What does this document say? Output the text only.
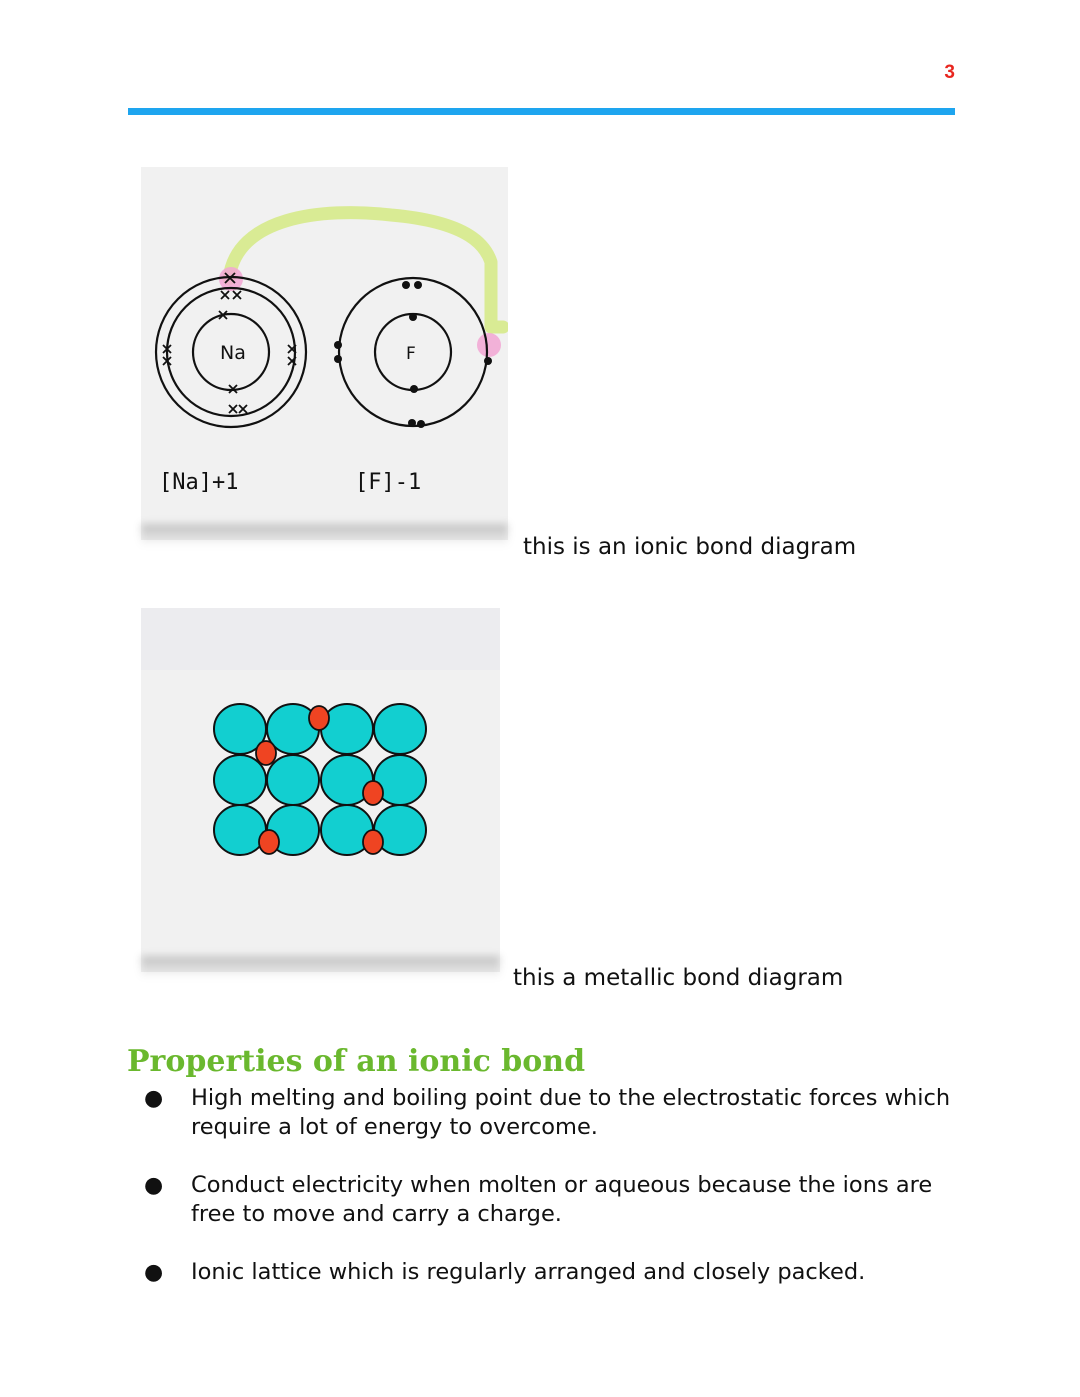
3
Na	F
[Na]+1	[F]-1
this is an ionic bond diagram
this a metallic bond diagram
Properties of an ionic bond
● High melting and boiling point due to the electrostatic forces which require a lot of energy to overcome.
● Conduct electricity when molten or aqueous because the ions are free to move and carry a charge.
● Ionic lattice which is regularly arranged and closely packed.
